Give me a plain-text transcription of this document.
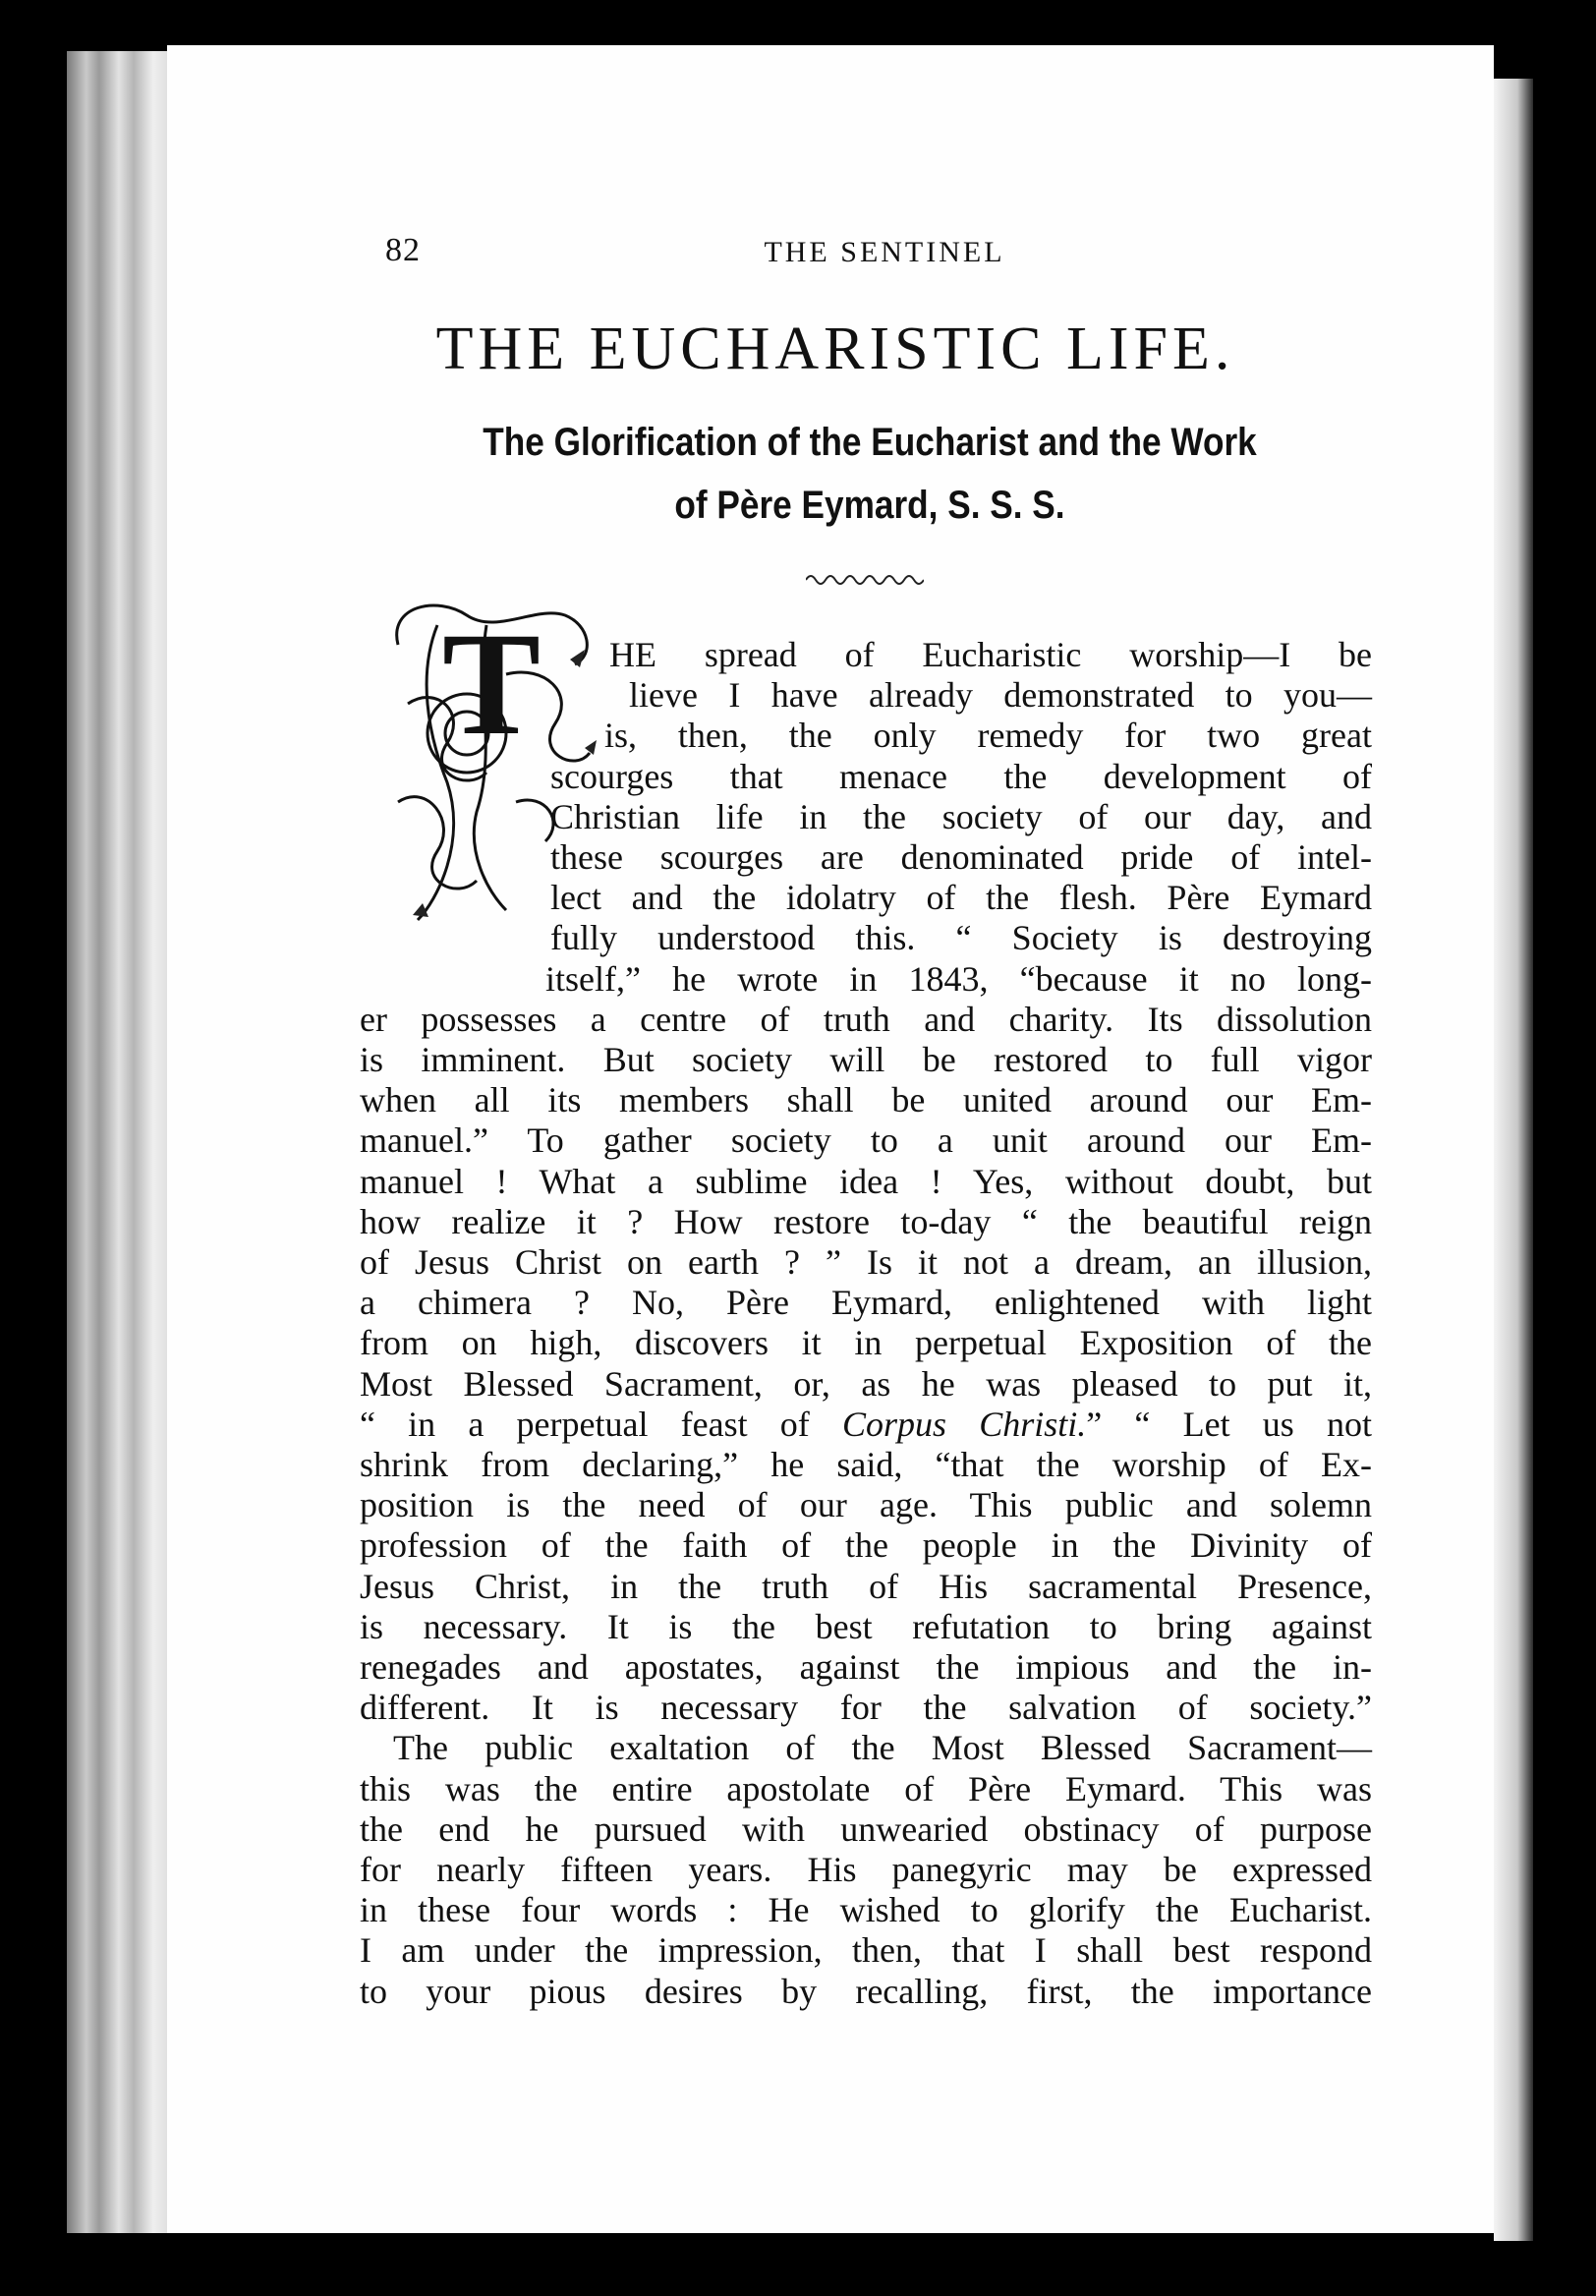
82	THE SENTINEL
THE EUCHARISTIC LIFE.
The Glorification of the Eucharist and the Work
of Père Eymard, S. S. S.
T HE spread of Eucharistic worship—I be
lieve I have already demonstrated to you—
is, then, the only remedy for two great
scourges that menace the development of
Christian life in the society of our day, and
these scourges are denominated pride of intel-
lect and the idolatry of the flesh. Père Eymard
fully understood this. “ Society is destroying
itself,” he wrote in 1843, “because it no long-
er possesses a centre of truth and charity. Its dissolution
is imminent. But society will be restored to full vigor
when all its members shall be united around our Em-
manuel.” To gather society to a unit around our Em-
manuel ! What a sublime idea ! Yes, without doubt, but
how realize it ? How restore to-day “ the beautiful reign
of Jesus Christ on earth ? ” Is it not a dream, an illusion,
a chimera ? No, Père Eymard, enlightened with light
from on high, discovers it in perpetual Exposition of the
Most Blessed Sacrament, or, as he was pleased to put it,
“ in a perpetual feast of Corpus Christi.” “ Let us not
shrink from declaring,” he said, “that the worship of Ex-
position is the need of our age. This public and solemn
profession of the faith of the people in the Divinity of
Jesus Christ, in the truth of His sacramental Presence,
is necessary. It is the best refutation to bring against
renegades and apostates, against the impious and the in-
different. It is necessary for the salvation of society.”
The public exaltation of the Most Blessed Sacrament—
this was the entire apostolate of Père Eymard. This was
the end he pursued with unwearied obstinacy of purpose
for nearly fifteen years. His panegyric may be expressed
in these four words : He wished to glorify the Eucharist.
I am under the impression, then, that I shall best respond
to your pious desires by recalling, first, the importance
